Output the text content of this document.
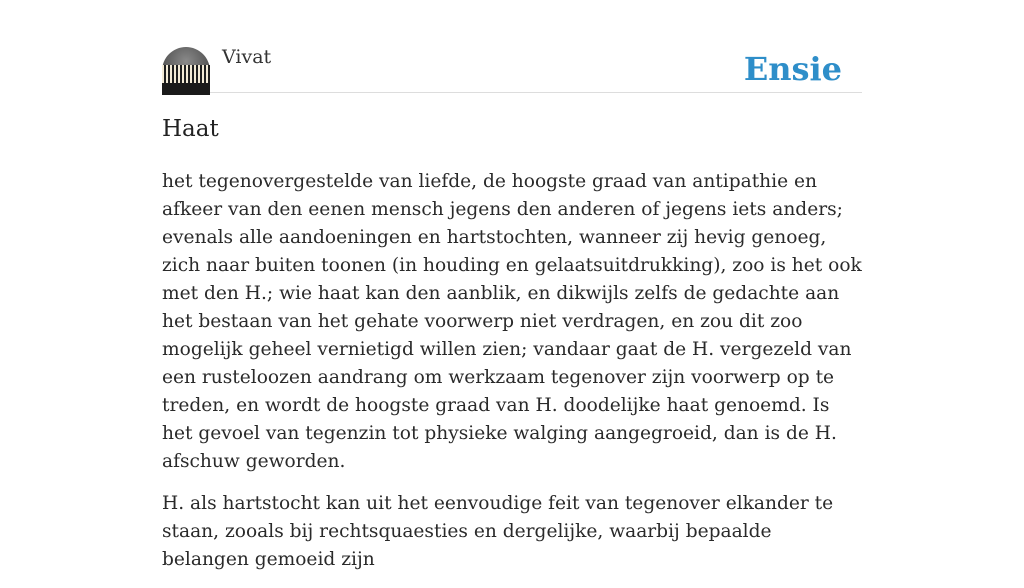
Vivat	Ensie
Haat

het tegenovergestelde van liefde, de hoogste graad van antipathie en afkeer van den eenen mensch jegens den anderen of jegens iets anders; evenals alle aandoeningen en hartstochten, wanneer zij hevig genoeg, zich naar buiten toonen (in houding en gelaatsuitdrukking), zoo is het ook met den H.; wie haat kan den aanblik, en dikwijls zelfs de gedachte aan het bestaan van het gehate voorwerp niet verdragen, en zou dit zoo mogelijk geheel vernietigd willen zien; vandaar gaat de H. vergezeld van een rusteloozen aandrang om werkzaam tegenover zijn voorwerp op te treden, en wordt de hoogste graad van H. doodelijke haat genoemd. Is het gevoel van tegenzin tot physieke walging aangegroeid, dan is de H. afschuw geworden.

H. als hartstocht kan uit het eenvoudige feit van tegenover elkander te staan, zooals bij rechtsquaesties en dergelijke, waarbij bepaalde belangen gemoeid zijn
